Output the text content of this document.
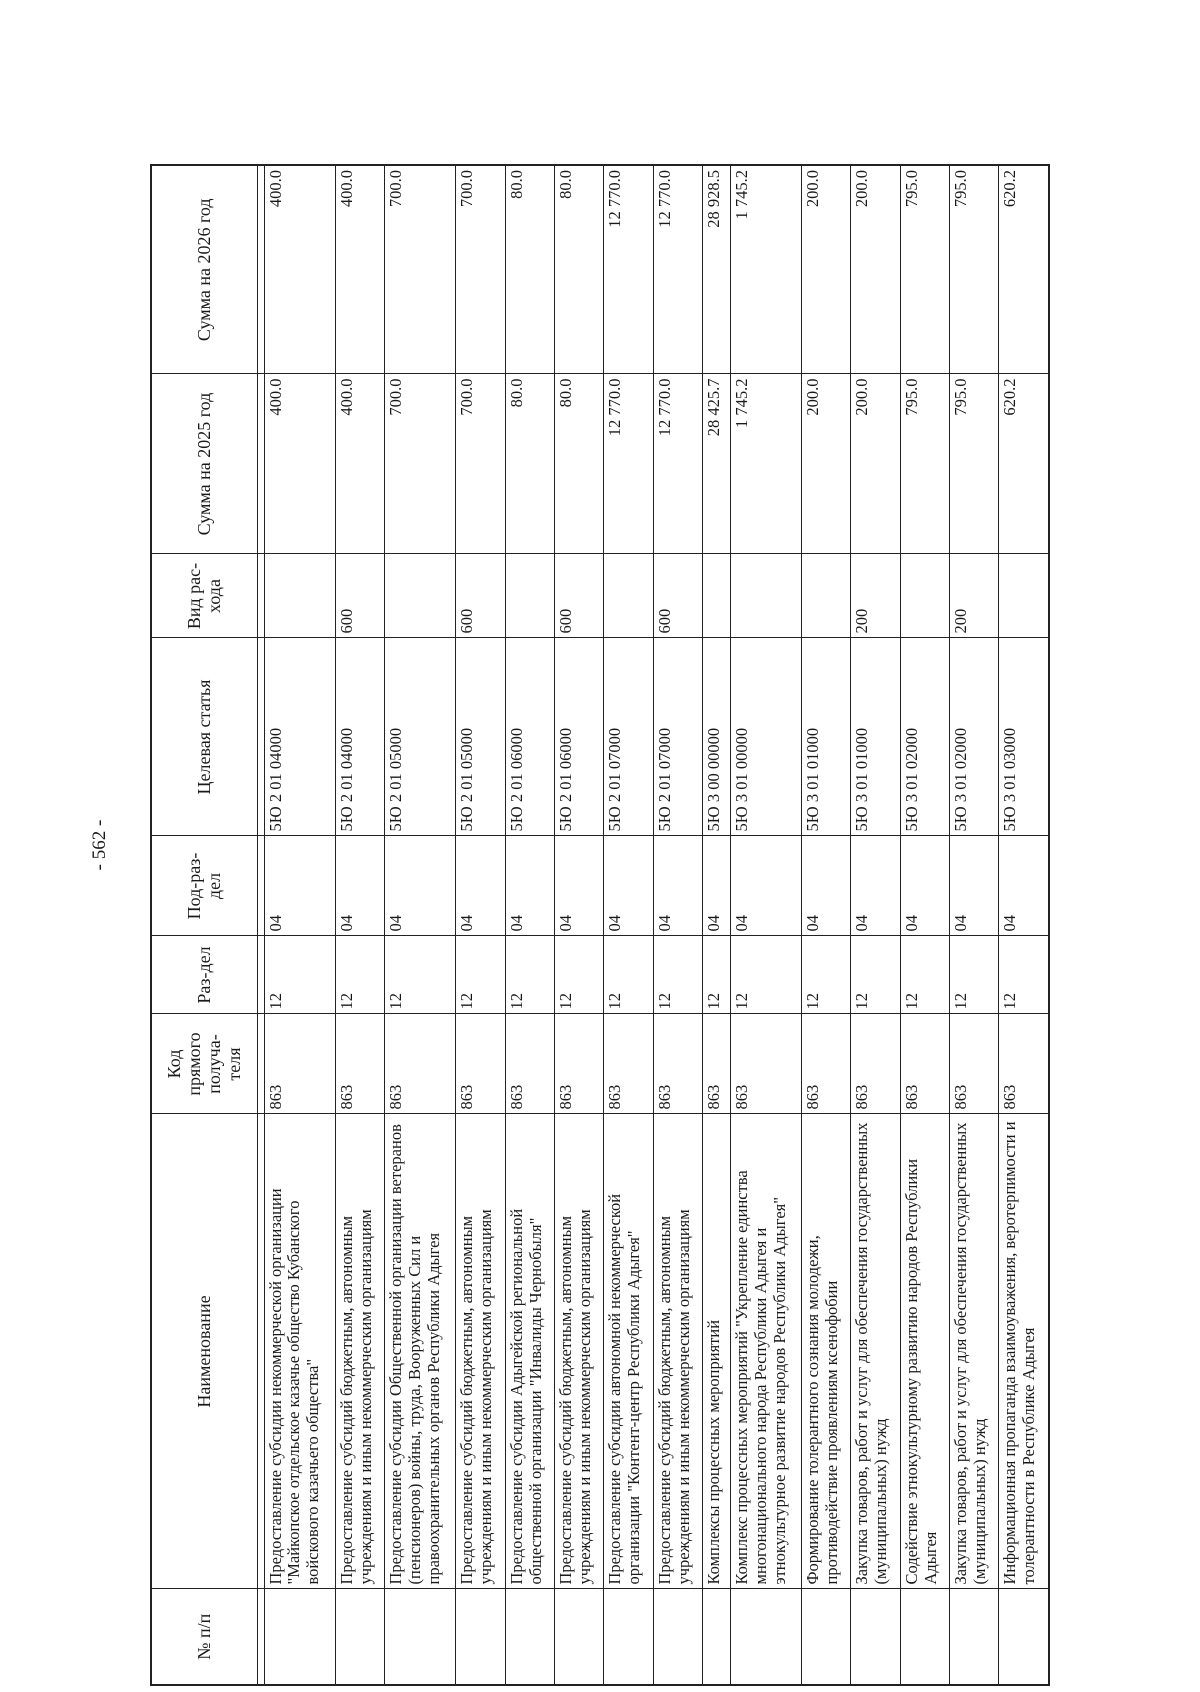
- 562 -
№ п/п	Наименование	Код прямого получа-теля	Раз-дел	Под-раз-дел	Целевая статья	Вид рас-хода	Сумма на 2025 год	Сумма на 2026 год

	Предоставление субсидии некоммерческой организации "Майкопское отдельское казачье общество Кубанского войскового казачьего общества"	863	12	04	5Ю 2 01 04000		400.0	400.0
	Предоставление субсидий бюджетным, автономным учреждениям и иным некоммерческим организациям	863	12	04	5Ю 2 01 04000	600	400.0	400.0
	Предоставление субсидии Общественной организации ветеранов (пенсионеров) войны, труда, Вооруженных Сил и правоохранительных органов Республики Адыгея	863	12	04	5Ю 2 01 05000		700.0	700.0
	Предоставление субсидий бюджетным, автономным учреждениям и иным некоммерческим организациям	863	12	04	5Ю 2 01 05000	600	700.0	700.0
	Предоставление субсидии Адыгейской региональной общественной организации "Инвалиды Чернобыля"	863	12	04	5Ю 2 01 06000		80.0	80.0
	Предоставление субсидий бюджетным, автономным учреждениям и иным некоммерческим организациям	863	12	04	5Ю 2 01 06000	600	80.0	80.0
	Предоставление субсидии автономной некоммерческой организации "Контент-центр Республики Адыгея"	863	12	04	5Ю 2 01 07000		12 770.0	12 770.0
	Предоставление субсидий бюджетным, автономным учреждениям и иным некоммерческим организациям	863	12	04	5Ю 2 01 07000	600	12 770.0	12 770.0
	Комплексы процессных мероприятий	863	12	04	5Ю 3 00 00000		28 425.7	28 928.5
	Комплекс процессных мероприятий "Укрепление единства многонационального народа Республики Адыгея и этнокультурное развитие народов Республики Адыгея"	863	12	04	5Ю 3 01 00000		1 745.2	1 745.2
	Формирование толерантного сознания молодежи, противодействие проявлениям ксенофобии	863	12	04	5Ю 3 01 01000		200.0	200.0
	Закупка товаров, работ и услуг для обеспечения государственных (муниципальных) нужд	863	12	04	5Ю 3 01 01000	200	200.0	200.0
	Содействие этнокультурному развитию народов Республики Адыгея	863	12	04	5Ю 3 01 02000		795.0	795.0
	Закупка товаров, работ и услуг для обеспечения государственных (муниципальных) нужд	863	12	04	5Ю 3 01 02000	200	795.0	795.0
	Информационная пропаганда взаимоуважения, веротерпимости и толерантности в Республике Адыгея	863	12	04	5Ю 3 01 03000		620.2	620.2
